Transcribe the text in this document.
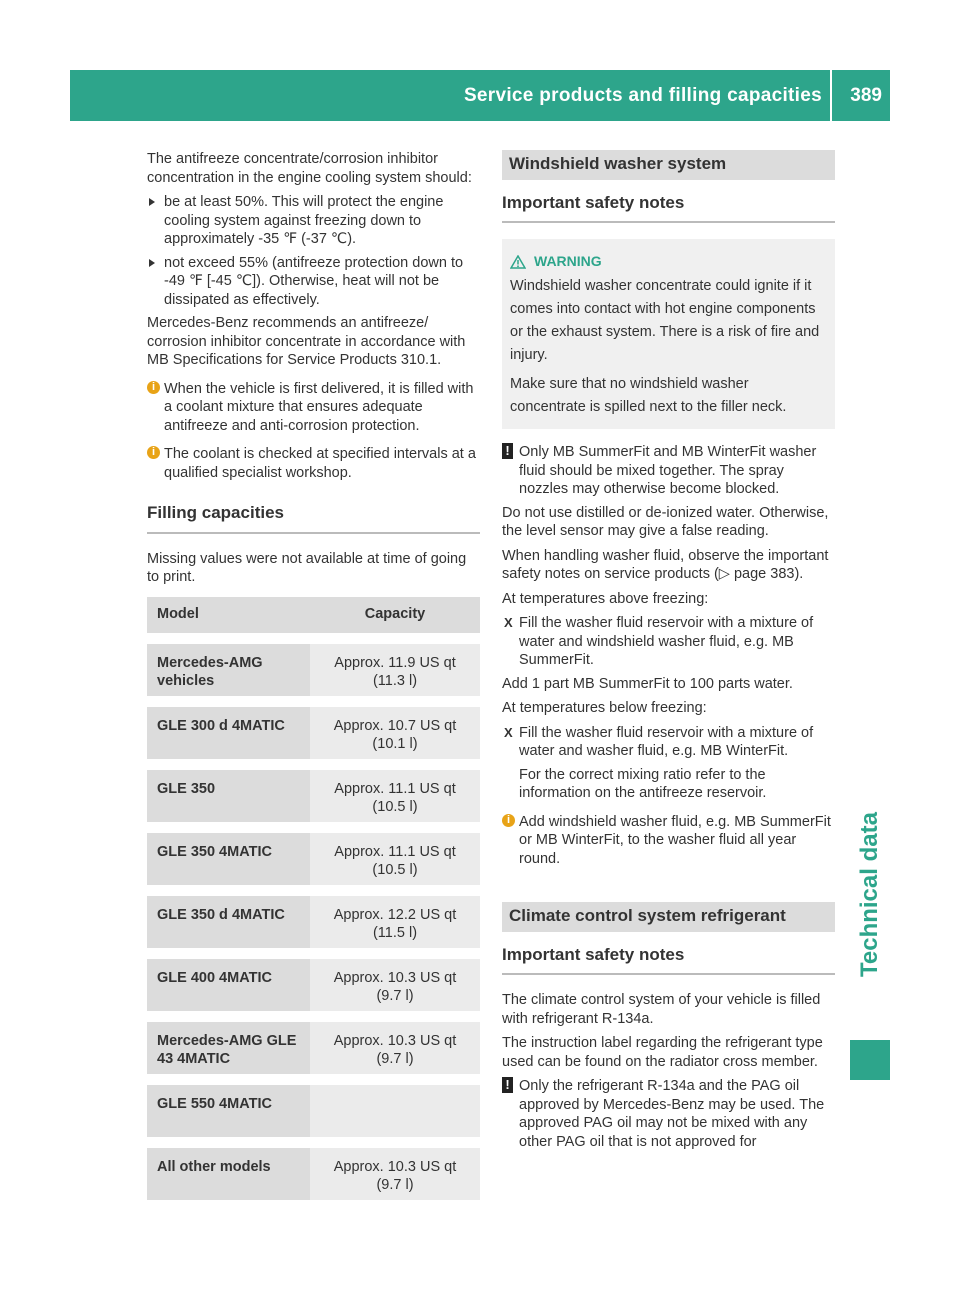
Service products and filling capacities 389
Technical data

The antifreeze concentrate/corrosion inhibitor concentration in the engine cooling system should:

be at least 50%. This will protect the engine cooling system against freezing down to approximately -35 ℉ (-37 ℃).
not exceed 55% (antifreeze protection down to -49 ℉ [-45 ℃]). Otherwise, heat will not be dissipated as effectively.

Mercedes-Benz recommends an antifreeze/ corrosion inhibitor concentrate in accordance with MB Specifications for Service Products 310.1.

i When the vehicle is first delivered, it is filled with a coolant mixture that ensures adequate antifreeze and anti-corrosion protection.
i The coolant is checked at specified intervals at a qualified specialist workshop.
Filling capacities

Missing values were not available at time of going to print.

Model	Capacity
Mercedes-AMG vehicles	Approx. 11.9 US qt (11.3 l)
GLE 300 d 4MATIC	Approx. 10.7 US qt (10.1 l)
GLE 350	Approx. 11.1 US qt (10.5 l)
GLE 350 4MATIC	Approx. 11.1 US qt (10.5 l)
GLE 350 d 4MATIC	Approx. 12.2 US qt (11.5 l)
GLE 400 4MATIC	Approx. 10.3 US qt (9.7 l)
Mercedes-AMG GLE 43 4MATIC	Approx. 10.3 US qt (9.7 l)
GLE 550 4MATIC	
All other models	Approx. 10.3 US qt (9.7 l)
Windshield washer system
Important safety notes
WARNING

Windshield washer concentrate could ignite if it comes into contact with hot engine components or the exhaust system. There is a risk of fire and injury.

Make sure that no windshield washer concentrate is spilled next to the filler neck.

! Only MB SummerFit and MB WinterFit washer fluid should be mixed together. The spray nozzles may otherwise become blocked.

Do not use distilled or de-ionized water. Otherwise, the level sensor may give a false reading.

When handling washer fluid, observe the important safety notes on service products (▷ page 383).

At temperatures above freezing:

X Fill the washer fluid reservoir with a mixture of water and windshield washer fluid, e.g. MB SummerFit.

Add 1 part MB SummerFit to 100 parts water.

At temperatures below freezing:

X Fill the washer fluid reservoir with a mixture of water and washer fluid, e.g. MB WinterFit.

For the correct mixing ratio refer to the information on the antifreeze reservoir.

i Add windshield washer fluid, e.g. MB SummerFit or MB WinterFit, to the washer fluid all year round.
Climate control system refrigerant
Important safety notes

The climate control system of your vehicle is filled with refrigerant R-134a.

The instruction label regarding the refrigerant type used can be found on the radiator cross member.

! Only the refrigerant R-134a and the PAG oil approved by Mercedes-Benz may be used. The approved PAG oil may not be mixed with any other PAG oil that is not approved for
